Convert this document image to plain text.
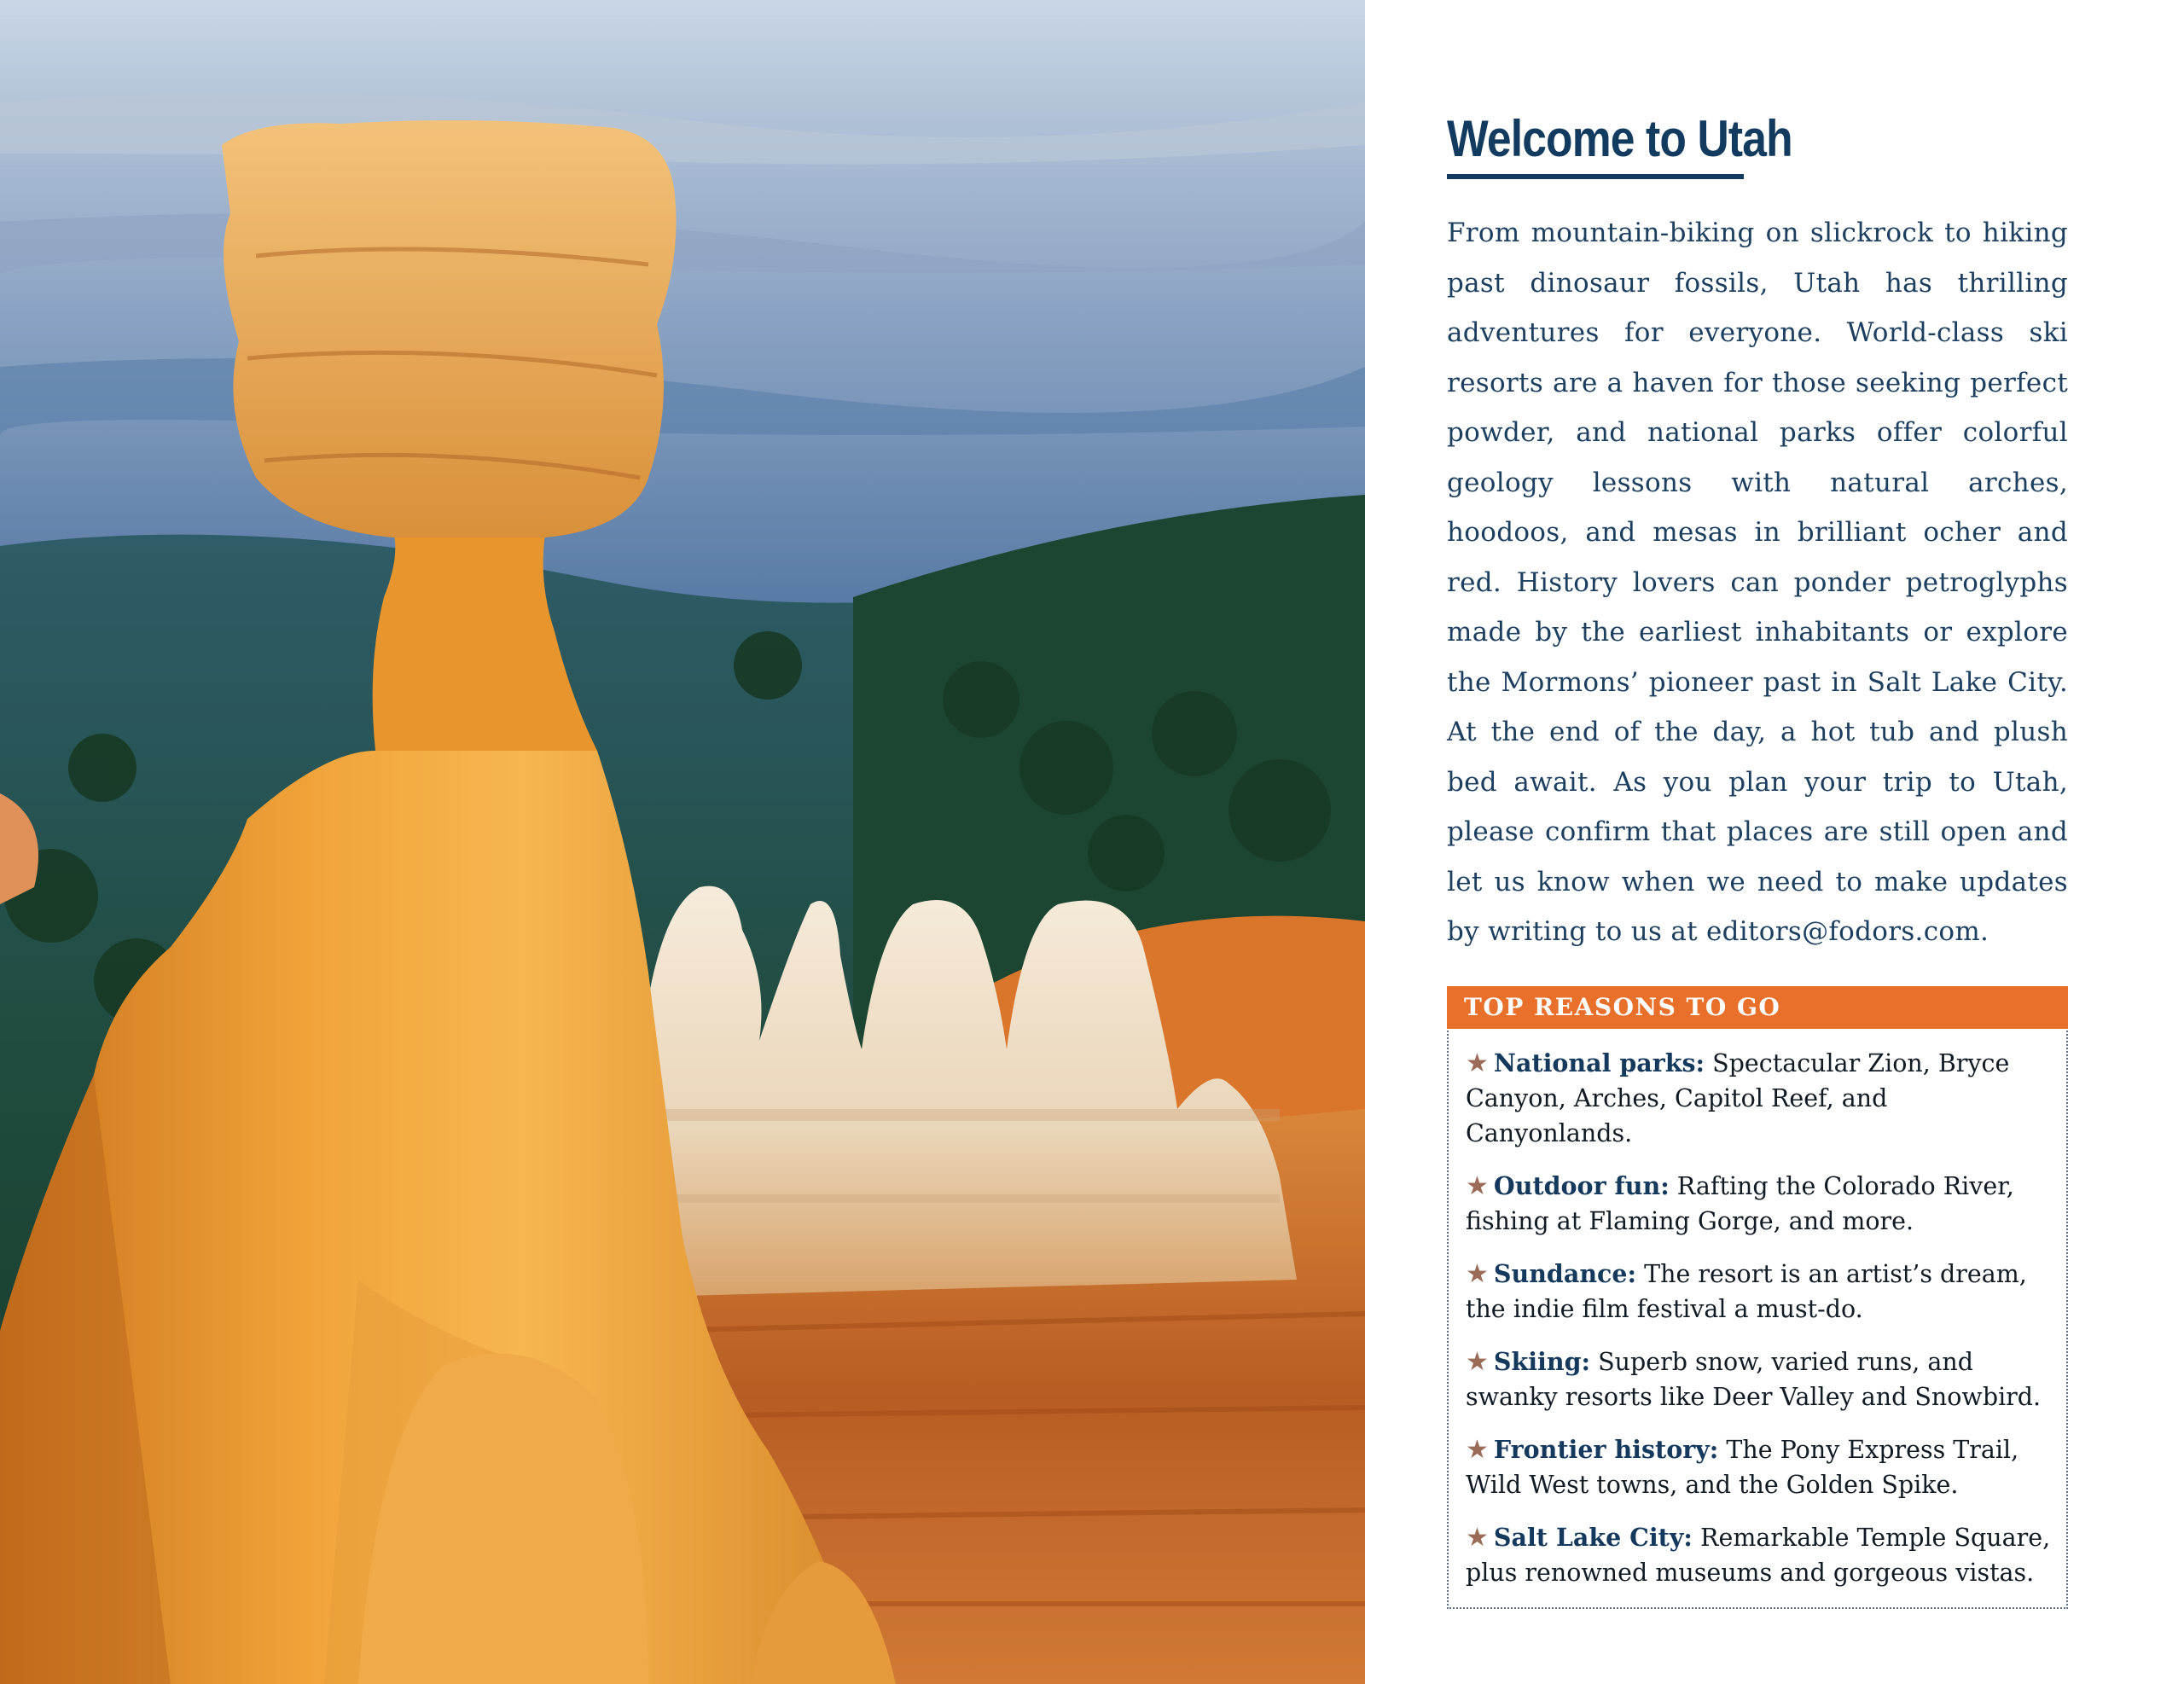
Welcome to Utah

From mountain-biking on slickrock to hiking past dinosaur fossils, Utah has thrilling adventures for everyone. World-class ski resorts are a haven for those seeking perfect powder, and national parks offer colorful geology lessons with natural arches, hoodoos, and mesas in brilliant ocher and red. History lovers can ponder petroglyphs made by the earliest inhabitants or explore the Mormons’ pioneer past in Salt Lake City. At the end of the day, a hot tub and plush bed await. As you plan your trip to Utah, please confirm that places are still open and let us know when we need to make updates by writing to us at editors@fodors.com.

TOP REASONS TO GO
★ National parks: Spectacular Zion, Bryce Canyon, Arches, Capitol Reef, and Canyonlands.
★ Outdoor fun: Rafting the Colorado River, fishing at Flaming Gorge, and more.
★ Sundance: The resort is an artist’s dream, the indie film festival a must-do.
★ Skiing: Superb snow, varied runs, and swanky resorts like Deer Valley and Snowbird.
★ Frontier history: The Pony Express Trail, Wild West towns, and the Golden Spike.
★ Salt Lake City: Remarkable Temple Square, plus renowned museums and gorgeous vistas.
